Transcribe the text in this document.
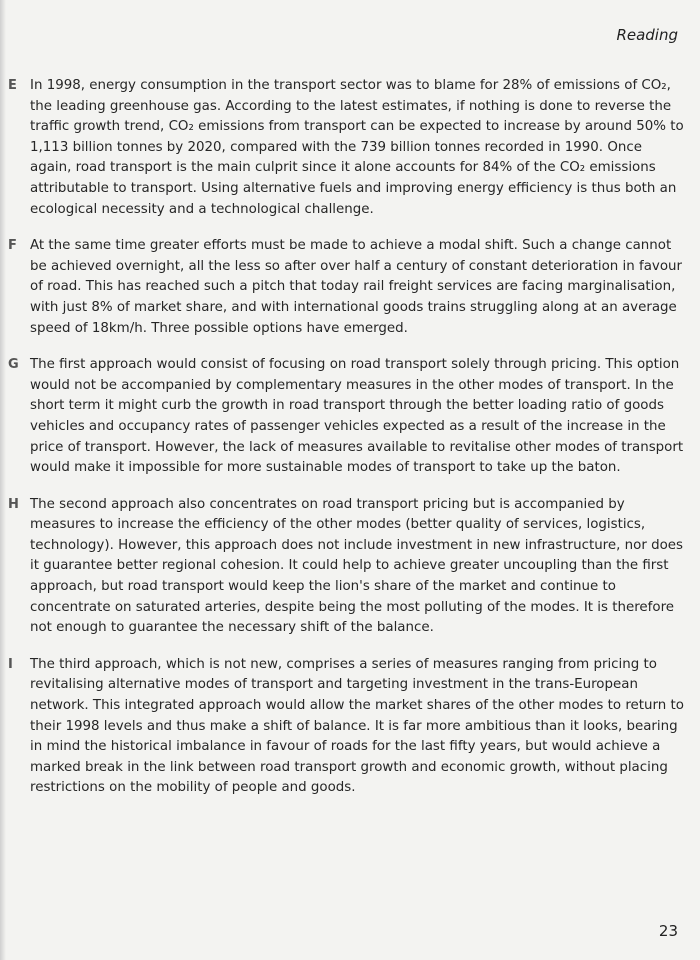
Reading
E In 1998, energy consumption in the transport sector was to blame for 28% of emissions of CO₂, the leading greenhouse gas. According to the latest estimates, if nothing is done to reverse the traffic growth trend, CO₂ emissions from transport can be expected to increase by around 50% to 1,113 billion tonnes by 2020, compared with the 739 billion tonnes recorded in 1990. Once again, road transport is the main culprit since it alone accounts for 84% of the CO₂ emissions attributable to transport. Using alternative fuels and improving energy efficiency is thus both an ecological necessity and a technological challenge.
F At the same time greater efforts must be made to achieve a modal shift. Such a change cannot be achieved overnight, all the less so after over half a century of constant deterioration in favour of road. This has reached such a pitch that today rail freight services are facing marginalisation, with just 8% of market share, and with international goods trains struggling along at an average speed of 18km/h. Three possible options have emerged.
G The first approach would consist of focusing on road transport solely through pricing. This option would not be accompanied by complementary measures in the other modes of transport. In the short term it might curb the growth in road transport through the better loading ratio of goods vehicles and occupancy rates of passenger vehicles expected as a result of the increase in the price of transport. However, the lack of measures available to revitalise other modes of transport would make it impossible for more sustainable modes of transport to take up the baton.
H The second approach also concentrates on road transport pricing but is accompanied by measures to increase the efficiency of the other modes (better quality of services, logistics, technology). However, this approach does not include investment in new infrastructure, nor does it guarantee better regional cohesion. It could help to achieve greater uncoupling than the first approach, but road transport would keep the lion's share of the market and continue to concentrate on saturated arteries, despite being the most polluting of the modes. It is therefore not enough to guarantee the necessary shift of the balance.
I	The third approach, which is not new, comprises a series of measures ranging from pricing to revitalising alternative modes of transport and targeting investment in the trans-European network. This integrated approach would allow the market shares of the other modes to return to their 1998 levels and thus make a shift of balance. It is far more ambitious than it looks, bearing in mind the historical imbalance in favour of roads for the last fifty years, but would achieve a marked break in the link between road transport growth and economic growth, without placing restrictions on the mobility of people and goods.
23
